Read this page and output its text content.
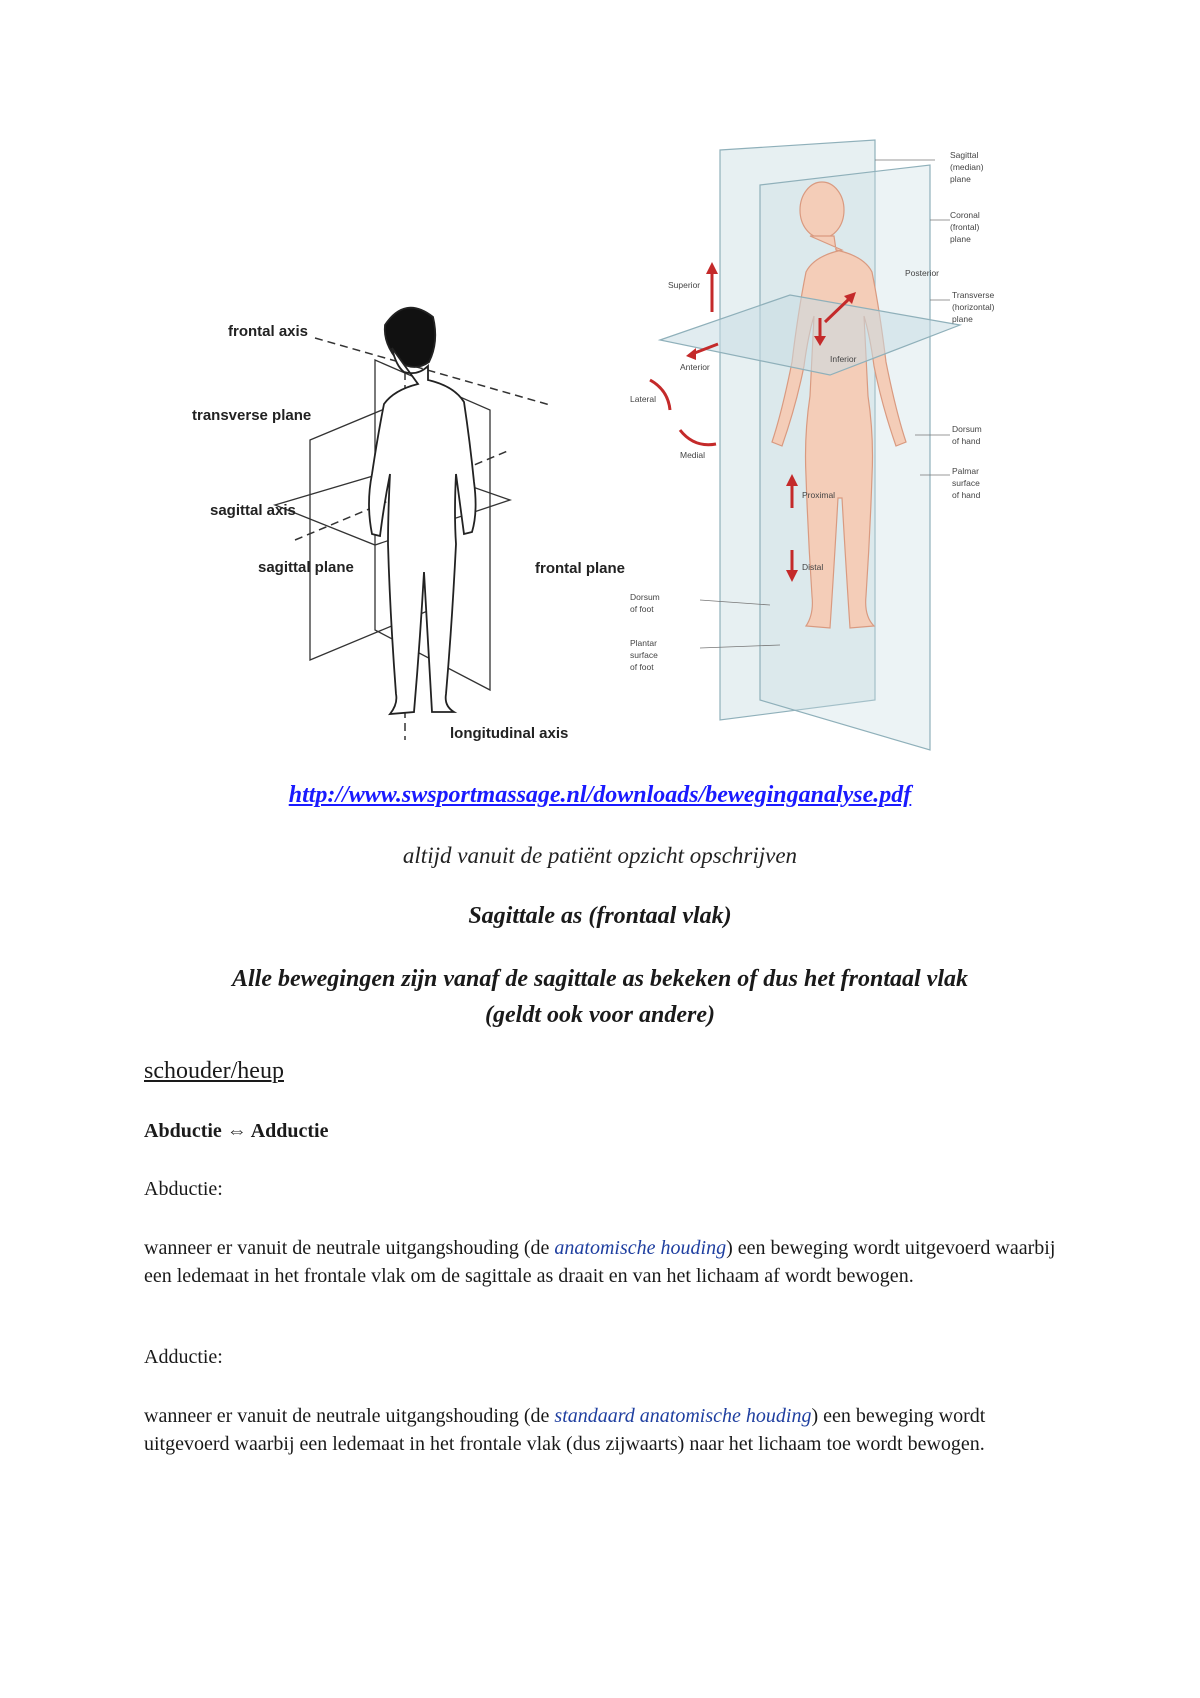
frontal axis
transverse plane
sagittal axis
sagittal plane	frontal plane
longitudinal axis
Sagittal
(median)
plane
Coronal
(frontal)
plane
Superior
Posterior
Transverse
(horizontal)
plane
Anterior
Inferior
Lateral
Dorsum
of hand
Medial
Palmar
surface
of hand
Proximal
Distal
Dorsum
of foot
Plantar
surface
of foot
http://www.swsportmassage.nl/downloads/beweginganalyse.pdf
altijd vanuit de patiënt opzicht opschrijven
Sagittale as (frontaal vlak)
Alle bewegingen zijn vanaf de sagittale as bekeken of dus het frontaal vlak
(geldt ook voor andere)
schouder/heup
Abductie ⇔ Adductie
Abductie:
wanneer er vanuit de neutrale uitgangshouding (de anatomische houding) een beweging wordt uitgevoerd waarbij een ledemaat in het frontale vlak om de sagittale as draait en van het lichaam af wordt bewogen.
Adductie:
wanneer er vanuit de neutrale uitgangshouding (de standaard anatomische houding) een beweging wordt uitgevoerd waarbij een ledemaat in het frontale vlak (dus zijwaarts) naar het lichaam toe wordt bewogen.
